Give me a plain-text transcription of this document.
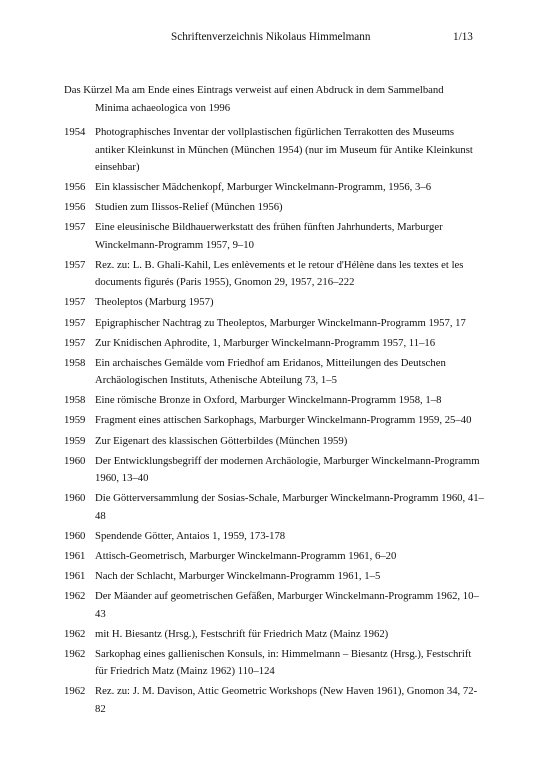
Schriftenverzeichnis Nikolaus Himmelmann	1/13
Das Kürzel Ma am Ende eines Eintrags verweist auf einen Abdruck in dem Sammelband
Minima achaeologica von 1996
1954 Photographisches Inventar der vollplastischen figürlichen Terrakotten des Museums antiker Kleinkunst in München (München 1954) (nur im Museum für Antike Kleinkunst einsehbar)
1956 Ein klassischer Mädchenkopf, Marburger Winckelmann-Programm, 1956, 3–6
1956 Studien zum Ilissos-Relief (München 1956)
1957 Eine eleusinische Bildhauerwerkstatt des frühen fünften Jahrhunderts, Marburger Winckelmann-Programm 1957, 9–10
1957 Rez. zu: L. B. Ghali-Kahil, Les enlèvements et le retour d'Hélène dans les textes et les documents figurés (Paris 1955), Gnomon 29, 1957, 216–222
1957 Theoleptos (Marburg 1957)
1957 Epigraphischer Nachtrag zu Theoleptos, Marburger Winckelmann-Programm 1957, 17
1957 Zur Knidischen Aphrodite, 1, Marburger Winckelmann-Programm 1957, 11–16
1958 Ein archaisches Gemälde vom Friedhof am Eridanos, Mitteilungen des Deutschen Archäologischen Instituts, Athenische Abteilung 73, 1–5
1958 Eine römische Bronze in Oxford, Marburger Winckelmann-Programm 1958, 1–8
1959 Fragment eines attischen Sarkophags, Marburger Winckelmann-Programm 1959, 25–40
1959 Zur Eigenart des klassischen Götterbildes (München 1959)
1960 Der Entwicklungsbegriff der modernen Archäologie, Marburger Winckelmann-Programm 1960, 13–40
1960 Die Götterversammlung der Sosias-Schale, Marburger Winckelmann-Programm 1960, 41–48
1960 Spendende Götter, Antaios 1, 1959, 173-178
1961 Attisch-Geometrisch, Marburger Winckelmann-Programm 1961, 6–20
1961 Nach der Schlacht, Marburger Winckelmann-Programm 1961, 1–5
1962 Der Mäander auf geometrischen Gefäßen, Marburger Winckelmann-Programm 1962, 10–43
1962 mit H. Biesantz (Hrsg.), Festschrift für Friedrich Matz (Mainz 1962)
1962 Sarkophag eines gallienischen Konsuls, in: Himmelmann – Biesantz (Hrsg.), Festschrift für Friedrich Matz (Mainz 1962) 110–124
1962 Rez. zu: J. M. Davison, Attic Geometric Workshops (New Haven 1961), Gnomon 34, 72-82
